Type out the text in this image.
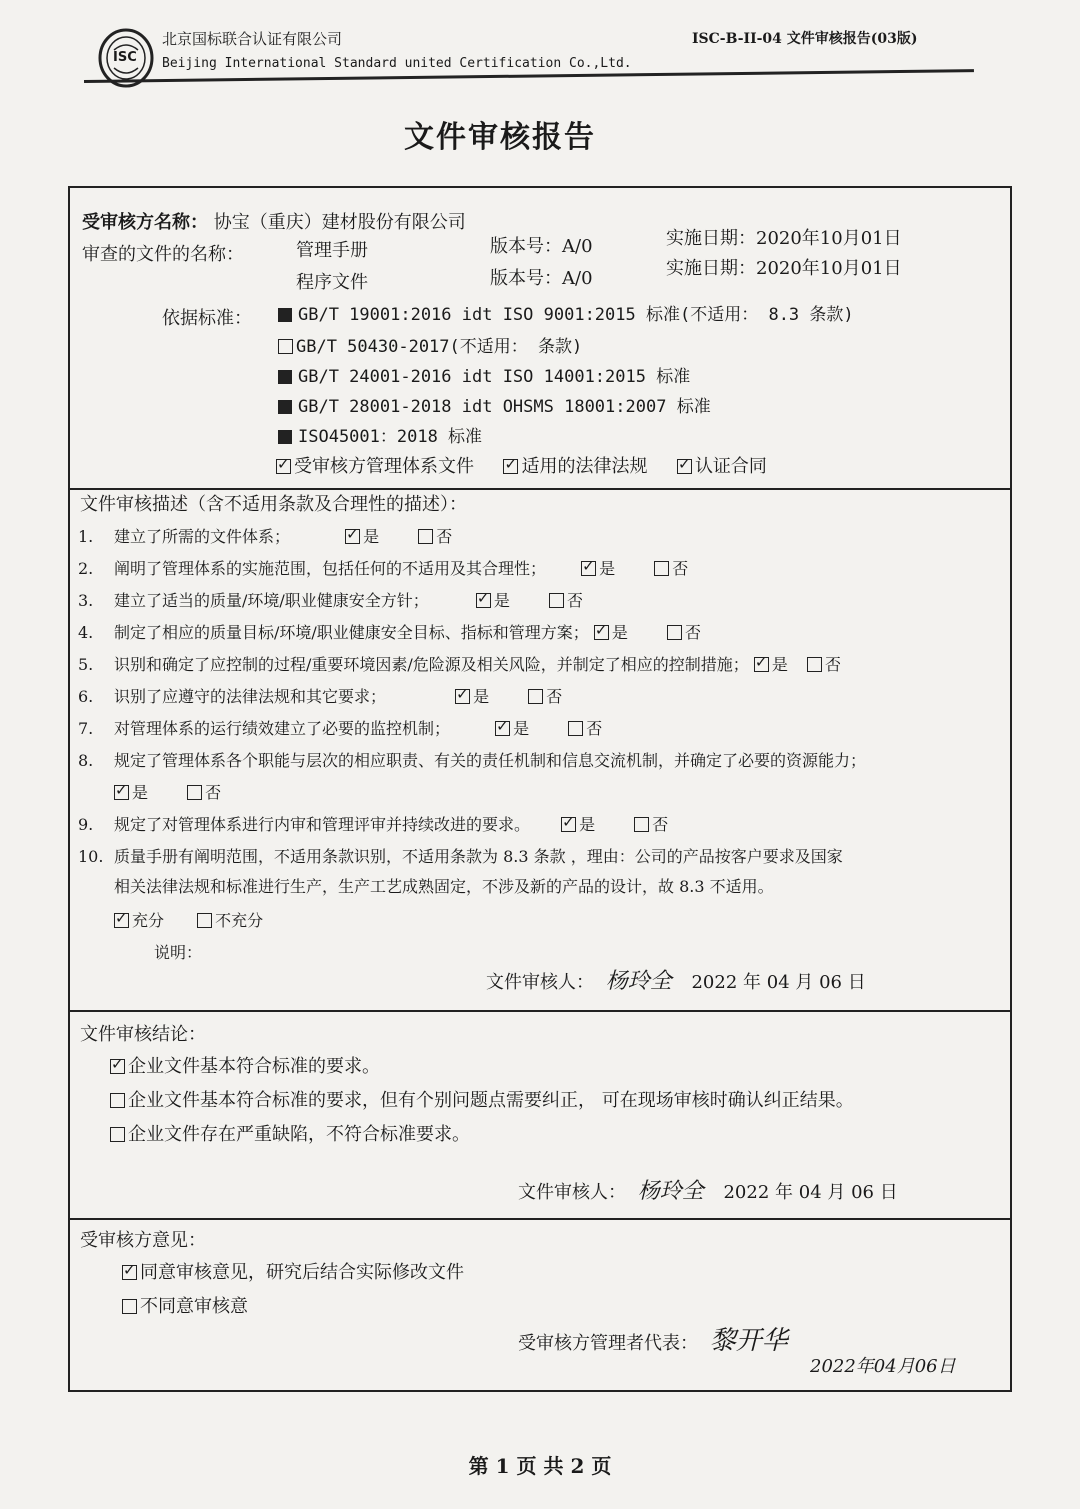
ISC
北京国标联合认证有限公司
Beijing International Standard united Certification Co.,Ltd.
ISC-B-II-04 文件审核报告(03版)
文件审核报告
受审核方名称： 协宝（重庆）建材股份有限公司
审查的文件的名称：	管理手册	版本号：A/0	实施日期：2020年10月01日
程序文件	版本号：A/0	实施日期：2020年10月01日
依据标准：	GB/T 19001:2016 idt ISO 9001:2015 标准(不适用： 8.3 条款)
GB/T 50430-2017(不适用： 条款)
GB/T 24001-2016 idt ISO 14001:2015 标准
GB/T 28001-2018 idt OHSMS 18001:2007 标准
ISO45001：2018 标准
✓受审核方管理体系文件 ✓	适用的法律法规 ✓	认证合同
文件审核描述（含不适用条款及合理性的描述）：
1. 建立了所需的文件体系； ✓	是	否
2. 阐明了管理体系的实施范围，包括任何的不适用及其合理性； ✓	是	否
3. 建立了适当的质量/环境/职业健康安全方针； ✓	是	否
4. 制定了相应的质量目标/环境/职业健康安全目标、指标和管理方案； ✓ 是	否
5. 识别和确定了应控制的过程/重要环境因素/危险源及相关风险，并制定了相应的控制措施； ✓ 是 否
6. 识别了应遵守的法律法规和其它要求； ✓	是	否
7. 对管理体系的运行绩效建立了必要的监控机制； ✓	是	否
8. 规定了管理体系各个职能与层次的相应职责、有关的责任机制和信息交流机制，并确定了必要的资源能力；
✓是	否
9. 规定了对管理体系进行内审和管理评审并持续改进的要求。 ✓	是	否
10. 质量手册有阐明范围，不适用条款识别，不适用条款为 8.3 条款 ，理由：公司的产品按客户要求及国家
相关法律法规和标准进行生产，生产工艺成熟固定，不涉及新的产品的设计，故 8.3 不适用。
✓充分	不充分
说明：
文件审核人： 杨玲全 2022 年 04 月 06 日
文件审核结论：
✓企业文件基本符合标准的要求。
企业文件基本符合标准的要求，但有个别问题点需要纠正， 可在现场审核时确认纠正结果。
企业文件存在严重缺陷，不符合标准要求。
文件审核人： 杨玲全 2022 年 04 月 06 日
受审核方意见：
✓同意审核意见，研究后结合实际修改文件
不同意审核意
受审核方管理者代表： 黎开华
2022年04月06日
第 1 页 共 2 页
